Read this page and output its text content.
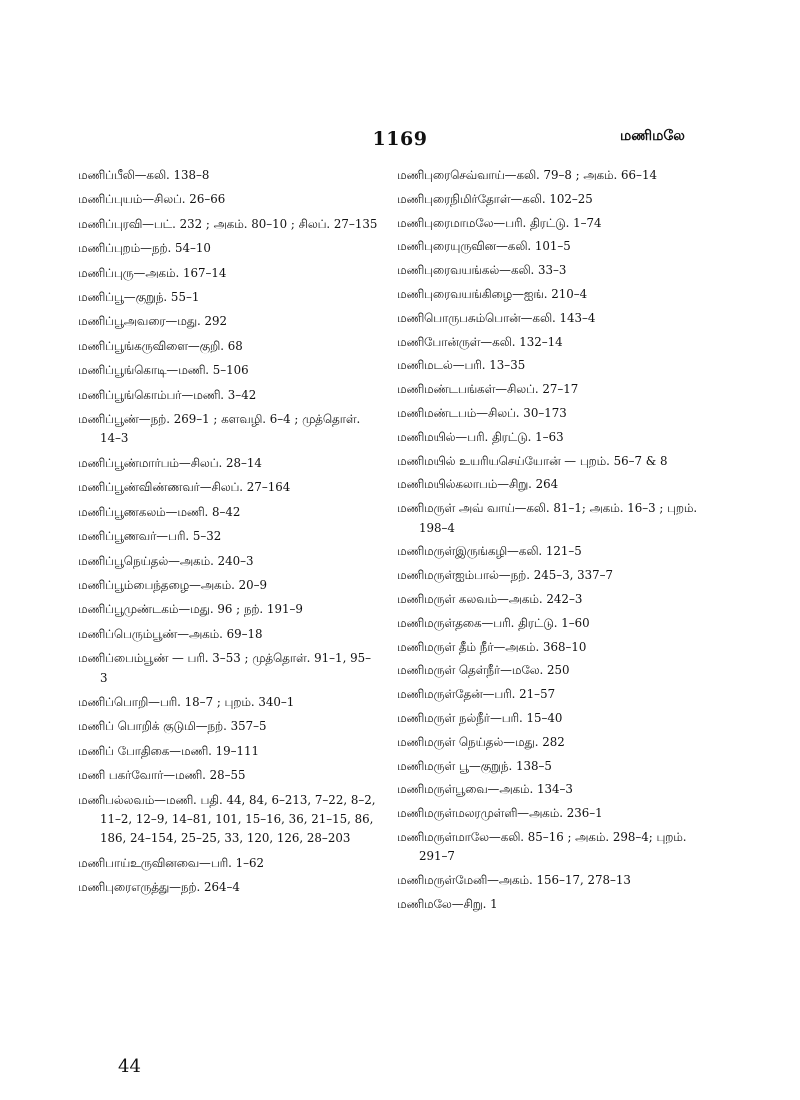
1169	மணிமலே
மணிப்பீலி—கலி. 138–8
மணிப்புயம்—சிலப். 26–66
மணிப்புரவி—பட். 232 ; அகம். 80–10 ; சிலப். 27–135
மணிப்புறம்—நற். 54–10
மணிப்புரு—அகம். 167–14
மணிப்பூ—குறுந். 55–1
மணிப்பூஅவரை—மது. 292
மணிப்பூங்கருவிளை—குறி. 68
மணிப்பூங்கொடி—மணி. 5–106
மணிப்பூங்கொம்பர்—மணி. 3–42
மணிப்பூண்—நற். 269–1 ; களவழி. 6–4 ; முத்தொள். 14–3
மணிப்பூண்மார்பம்—சிலப். 28–14
மணிப்பூண்விண்ணவர்—சிலப். 27–164
மணிப்பூணகலம்—மணி. 8–42
மணிப்பூணவர்—பரி. 5–32
மணிப்பூநெய்தல்—அகம். 240–3
மணிப்பூம்பைந்தழை—அகம். 20–9
மணிப்பூமுண்டகம்—மது. 96 ; நற். 191–9
மணிப்பெரும்பூண்—அகம். 69–18
மணிப்பைம்பூண் — பரி. 3–53 ; முத்தொள். 91–1, 95–3
மணிப்பொறி—பரி. 18–7 ; புறம். 340–1
மணிப் பொறிக் குடுமி—நற். 357–5
மணிப் போதிகை—மணி. 19–111
மணி பகர்வோர்—மணி. 28–55
மணிபல்லவம்—மணி. பதி. 44, 84, 6–213, 7–22, 8–2, 11–2, 12–9, 14–81, 101, 15–16, 36, 21–15, 86, 186, 24–154, 25–25, 33, 120, 126, 28–203
மணிபாய்உருவினவை—பரி. 1–62
மணிபுரைஎருத்து—நற். 264–4
மணிபுரைசெவ்வாய்—கலி. 79–8 ; அகம். 66–14
மணிபுரைநிமிர்தோள்—கலி. 102–25
மணிபுரைமாமலே—பரி. திரட்டு. 1–74
மணிபுரையுருவின—கலி. 101–5
மணிபுரைவயங்கல்—கலி. 33–3
மணிபுரைவயங்கிழை—ஐங். 210–4
மணிபொருபசும்பொன்—கலி. 143–4
மணிபோன்ருள்—கலி. 132–14
மணிமடல்—பரி. 13–35
மணிமண்டபங்கள்—சிலப். 27–17
மணிமண்டபம்—சிலப். 30–173
மணிமயில்—பரி. திரட்டு. 1–63
மணிமயில் உயரியசெய்யோன் — புறம். 56–7 & 8
மணிமயில்கலாபம்—சிறு. 264
மணிமருள் அவ் வாய்—கலி. 81–1; அகம். 16–3 ; புறம். 198–4
மணிமருள்இருங்கழி—கலி. 121–5
மணிமருள்ஐம்பால்—நற். 245–3, 337–7
மணிமருள் கலவம்—அகம். 242–3
மணிமருள்தகை—பரி. திரட்டு. 1–60
மணிமருள் தீம் நீர்—அகம். 368–10
மணிமருள் தெள்நீர்—மலே. 250
மணிமருள்தேன்—பரி. 21–57
மணிமருள் நல்நீர்—பரி. 15–40
மணிமருள் நெய்தல்—மது. 282
மணிமருள் பூ—குறுந். 138–5
மணிமருள்பூவை—அகம். 134–3
மணிமருள்மலரமுள்ளி—அகம். 236–1
மணிமருள்மாலே—கலி. 85–16 ; அகம். 298–4; புறம். 291–7
மணிமருள்மேனி—அகம். 156–17, 278–13
மணிமலே—சிறு. 1
44
